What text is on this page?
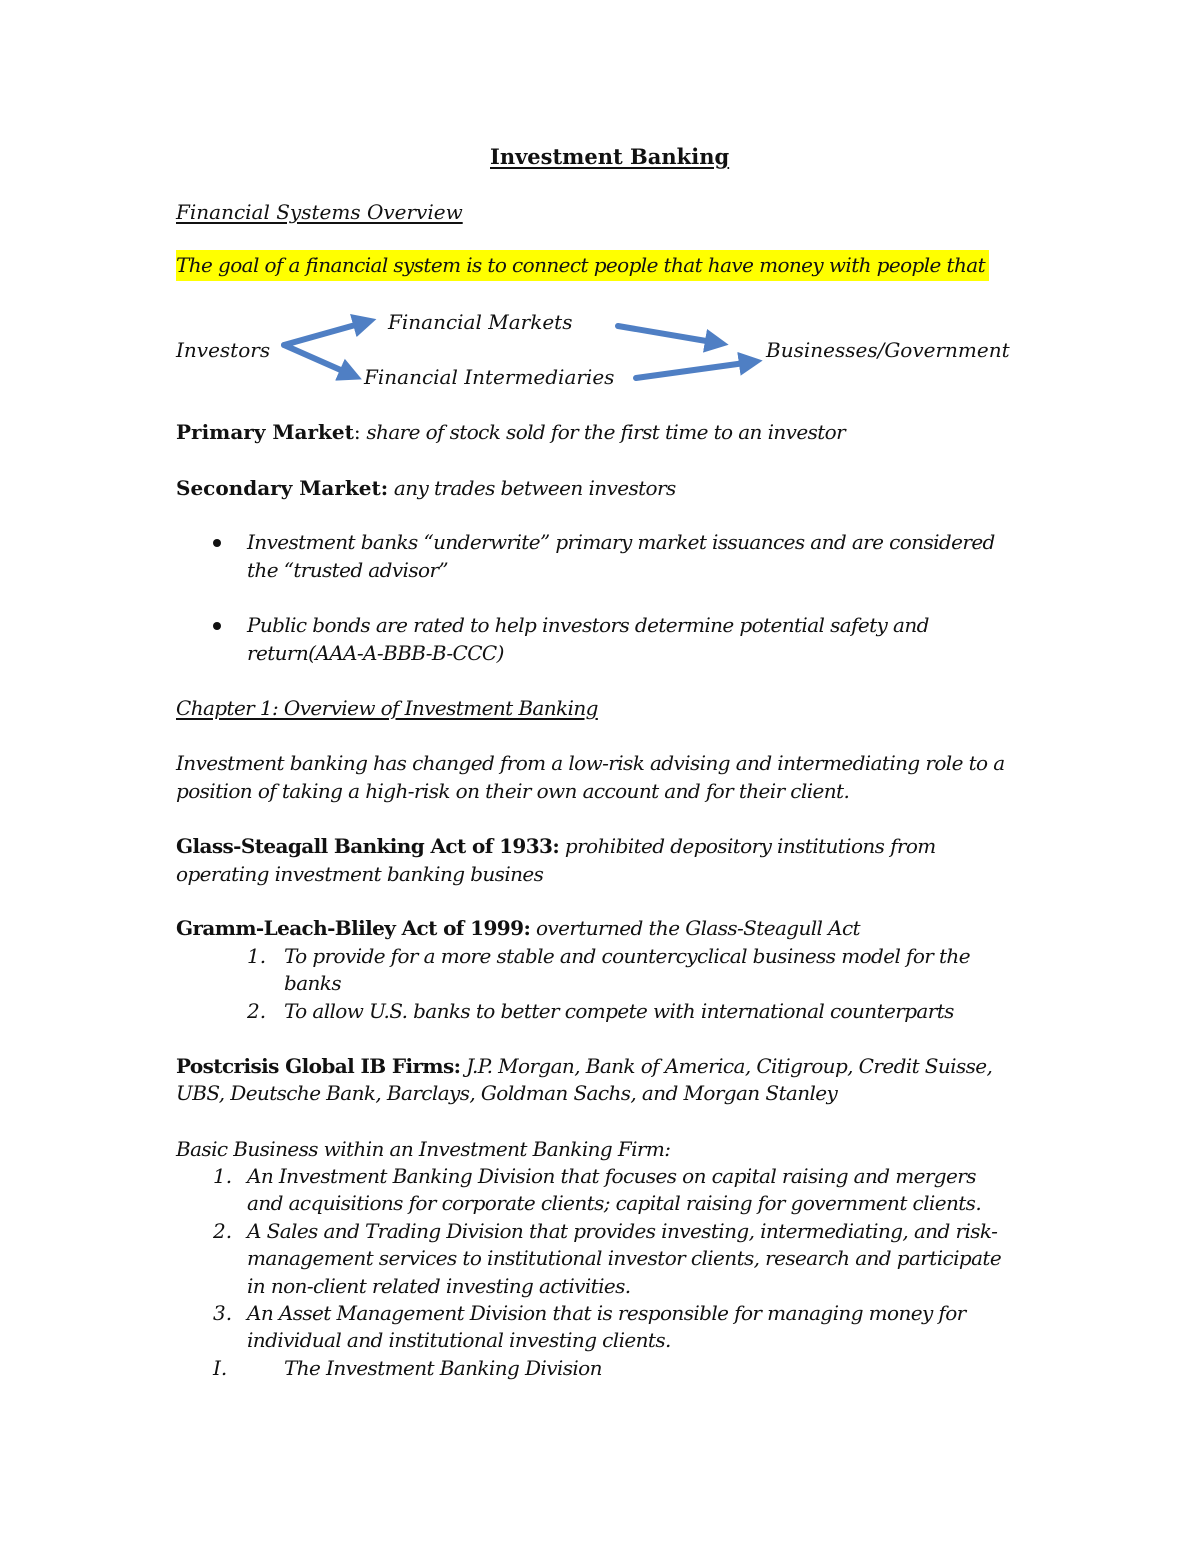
Investment Banking
Financial Systems Overview
The goal of a financial system is to connect people that have money with people that
Investors
Financial Markets
Financial Intermediaries
Businesses/Government
Primary Market: share of stock sold for the first time to an investor
Secondary Market: any trades between investors
Investment banks “underwrite” primary market issuances and are considered
the “trusted advisor”
Public bonds are rated to help investors determine potential safety and
return(AAA-A-BBB-B-CCC)
Chapter 1: Overview of Investment Banking
Investment banking has changed from a low-risk advising and intermediating role to a
position of taking a high-risk on their own account and for their client.
Glass-Steagall Banking Act of 1933: prohibited depository institutions from
operating investment banking busines
Gramm-Leach-Bliley Act of 1999: overturned the Glass-Steagull Act
1. To provide for a more stable and countercyclical business model for the
banks
2. To allow U.S. banks to better compete with international counterparts
Postcrisis Global IB Firms: J.P. Morgan, Bank of America, Citigroup, Credit Suisse,
UBS, Deutsche Bank, Barclays, Goldman Sachs, and Morgan Stanley
Basic Business within an Investment Banking Firm:
1. An Investment Banking Division that focuses on capital raising and mergers
and acquisitions for corporate clients; capital raising for government clients.
2. A Sales and Trading Division that provides investing, intermediating, and risk-
management services to institutional investor clients, research and participate
in non-client related investing activities.
3. An Asset Management Division that is responsible for managing money for
individual and institutional investing clients.
I.	The Investment Banking Division
